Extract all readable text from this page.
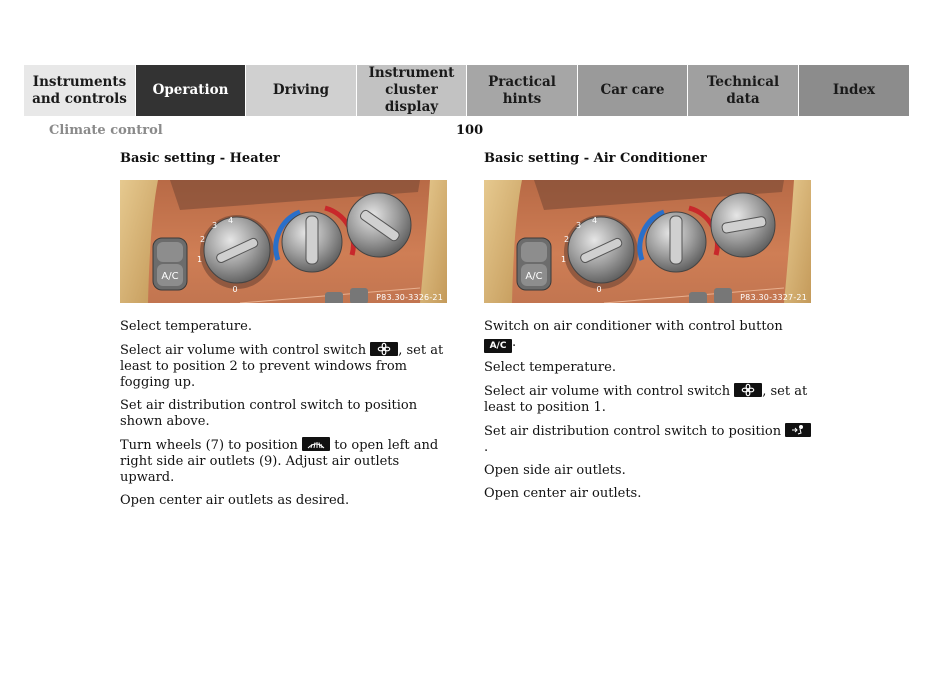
Instruments
and controls
Operation	Driving
Instrument
cluster display
Practical hints
Car care
Technical
data
Index
Climate control	100
Basic setting - Heater
A/C
0
1
2
3
4
P83.30-3326-21

Select temperature.

Select air volume with control switch , set at least to position 2 to prevent windows from fogging up.

Set air distribution control switch to position shown above.

Turn wheels (7) to position	to open left and right side air outlets (9). Adjust air outlets upward.

Open center air outlets as desired.

Basic setting - Air Conditioner
A/C
0
1
2
3
4
P83.30-3327-21

Switch on air conditioner with control button A/C .

Select temperature.

Select air volume with control switch , set at least to position 1.

Set air distribution control switch to position
.

Open side air outlets.

Open center air outlets.
